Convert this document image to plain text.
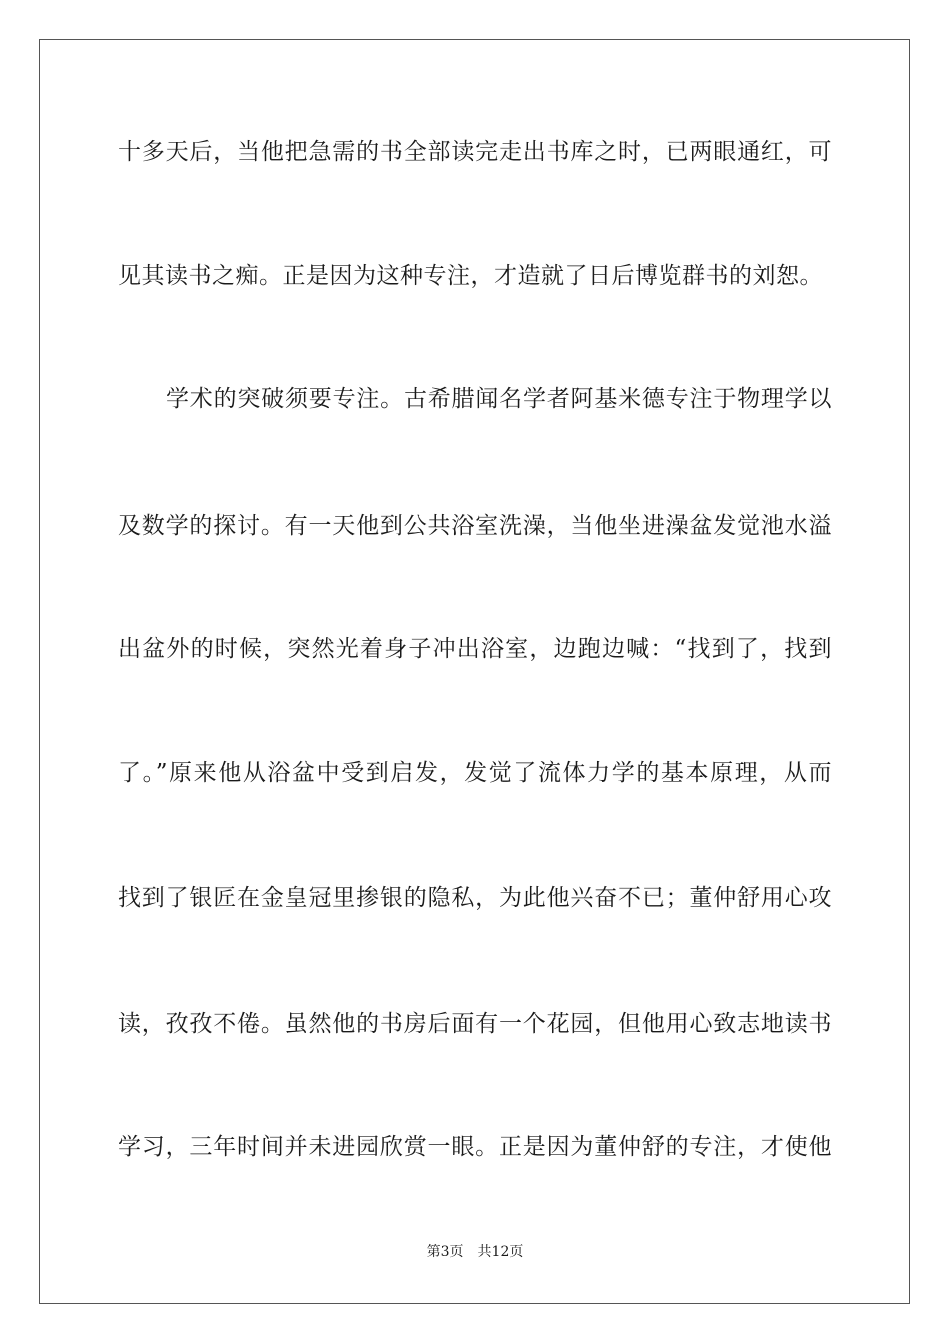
十多天后，当他把急需的书全部读完走出书库之时，已两眼通红，可
见其读书之痴。正是因为这种专注，才造就了日后博览群书的刘恕。
学术的突破须要专注。古希腊闻名学者阿基米德专注于物理学以
及数学的探讨。有一天他到公共浴室洗澡，当他坐进澡盆发觉池水溢
出盆外的时候，突然光着身子冲出浴室，边跑边喊：“找到了，找到
了。”原来他从浴盆中受到启发，发觉了流体力学的基本原理，从而
找到了银匠在金皇冠里掺银的隐私，为此他兴奋不已；董仲舒用心攻
读，孜孜不倦。虽然他的书房后面有一个花园，但他用心致志地读书
学习，三年时间并未进园欣赏一眼。正是因为董仲舒的专注，才使他
第3页 共12页
